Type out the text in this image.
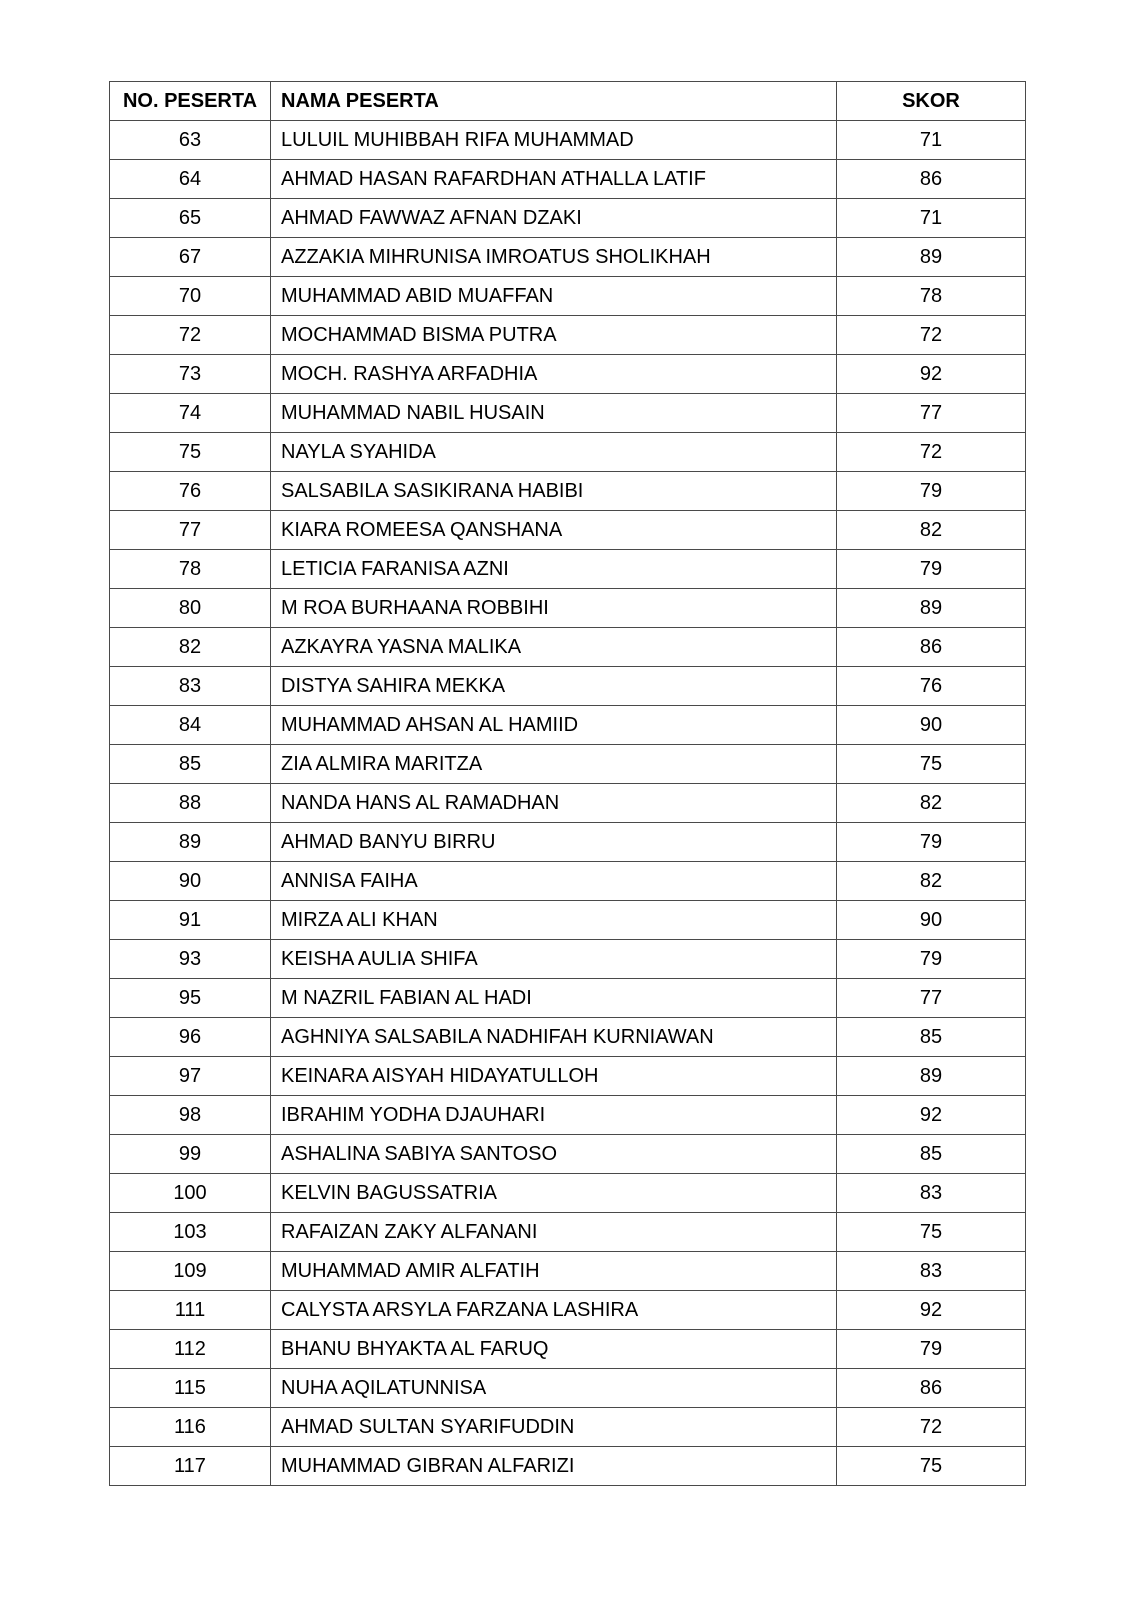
NO. PESERTA	NAMA PESERTA	SKOR
63	LULUIL MUHIBBAH RIFA MUHAMMAD	71
64	AHMAD HASAN RAFARDHAN ATHALLA LATIF	86
65	AHMAD FAWWAZ AFNAN DZAKI	71
67	AZZAKIA MIHRUNISA IMROATUS SHOLIKHAH	89
70	MUHAMMAD ABID MUAFFAN	78
72	MOCHAMMAD BISMA PUTRA	72
73	MOCH. RASHYA ARFADHIA	92
74	MUHAMMAD NABIL HUSAIN	77
75	NAYLA SYAHIDA	72
76	SALSABILA SASIKIRANA HABIBI	79
77	KIARA ROMEESA QANSHANA	82
78	LETICIA FARANISA AZNI	79
80	M ROA BURHAANA ROBBIHI	89
82	AZKAYRA YASNA MALIKA	86
83	DISTYA SAHIRA MEKKA	76
84	MUHAMMAD AHSAN AL HAMIID	90
85	ZIA ALMIRA MARITZA	75
88	NANDA HANS AL RAMADHAN	82
89	AHMAD BANYU BIRRU	79
90	ANNISA FAIHA	82
91	MIRZA ALI KHAN	90
93	KEISHA AULIA SHIFA	79
95	M NAZRIL FABIAN AL HADI	77
96	AGHNIYA SALSABILA NADHIFAH KURNIAWAN	85
97	KEINARA AISYAH HIDAYATULLOH	89
98	IBRAHIM YODHA DJAUHARI	92
99	ASHALINA SABIYA SANTOSO	85
100	KELVIN BAGUSSATRIA	83
103	RAFAIZAN ZAKY ALFANANI	75
109	MUHAMMAD AMIR ALFATIH	83
111	CALYSTA ARSYLA FARZANA LASHIRA	92
112	BHANU BHYAKTA AL FARUQ	79
115	NUHA AQILATUNNISA	86
116	AHMAD SULTAN SYARIFUDDIN	72
117	MUHAMMAD GIBRAN ALFARIZI	75
